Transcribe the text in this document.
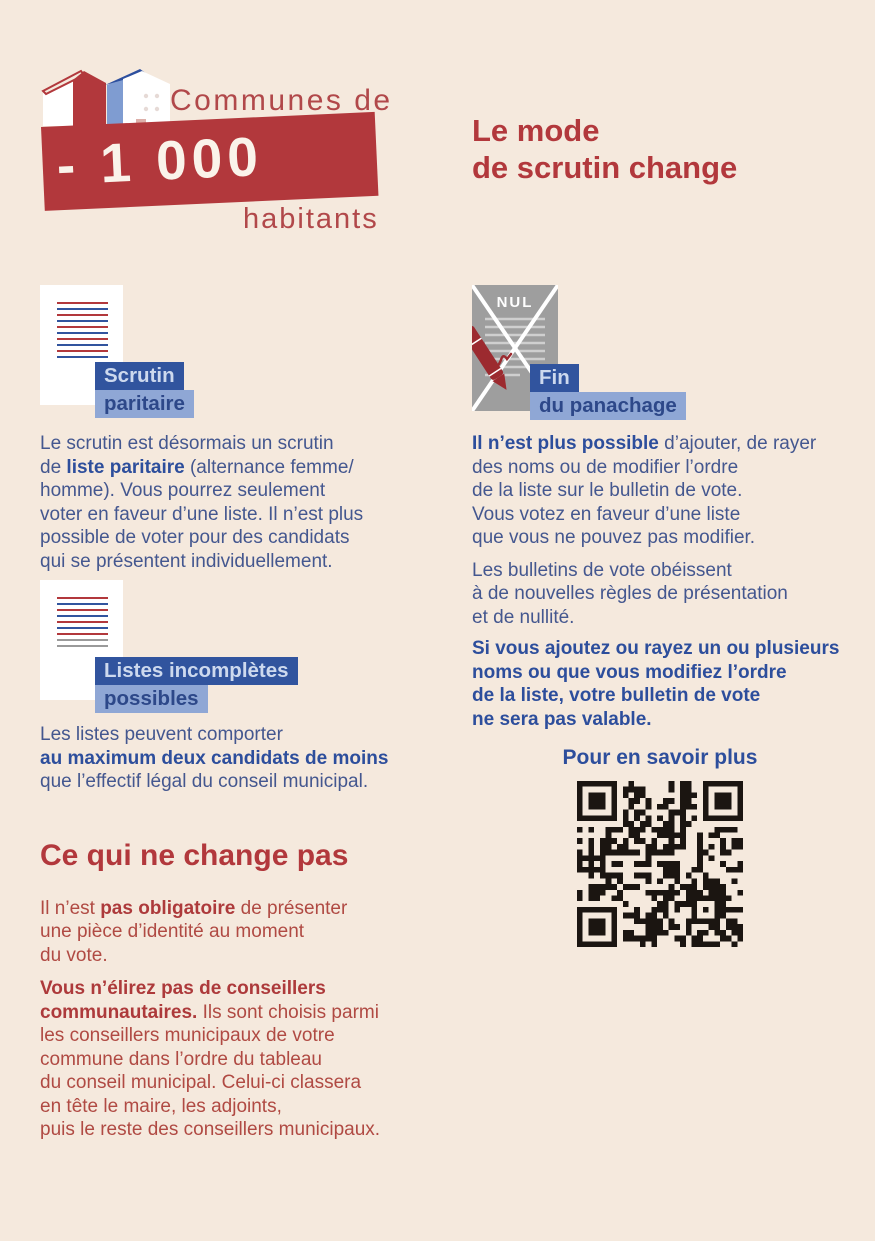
Communes de
- 1 000
habitants
Le mode
de scrutin change
Scrutin
paritaire

Le scrutin est désormais un scrutin
de liste paritaire (alternance femme/
homme). Vous pourrez seulement
voter en faveur d’une liste. Il n’est plus
possible de voter pour des candidats
qui se présentent individuellement.

Listes incomplètes
possibles

Les listes peuvent comporter
au maximum deux candidats de moins
que l’effectif légal du conseil municipal.

Ce qui ne change pas

Il n’est pas obligatoire de présenter
une pièce d’identité au moment
du vote.

Vous n’élirez pas de conseillers
communautaires. Ils sont choisis parmi
les conseillers municipaux de votre
commune dans l’ordre du tableau
du conseil municipal. Celui-ci classera
en tête le maire, les adjoints,
puis le reste des conseillers municipaux.

NUL
Fin
du panachage

Il n’est plus possible d’ajouter, de rayer
des noms ou de modifier l’ordre
de la liste sur le bulletin de vote.
Vous votez en faveur d’une liste
que vous ne pouvez pas modifier.

Les bulletins de vote obéissent
à de nouvelles règles de présentation
et de nullité.

Si vous ajoutez ou rayez un ou plusieurs
noms ou que vous modifiez l’ordre
de la liste, votre bulletin de vote
ne sera pas valable.

Pour en savoir plus
